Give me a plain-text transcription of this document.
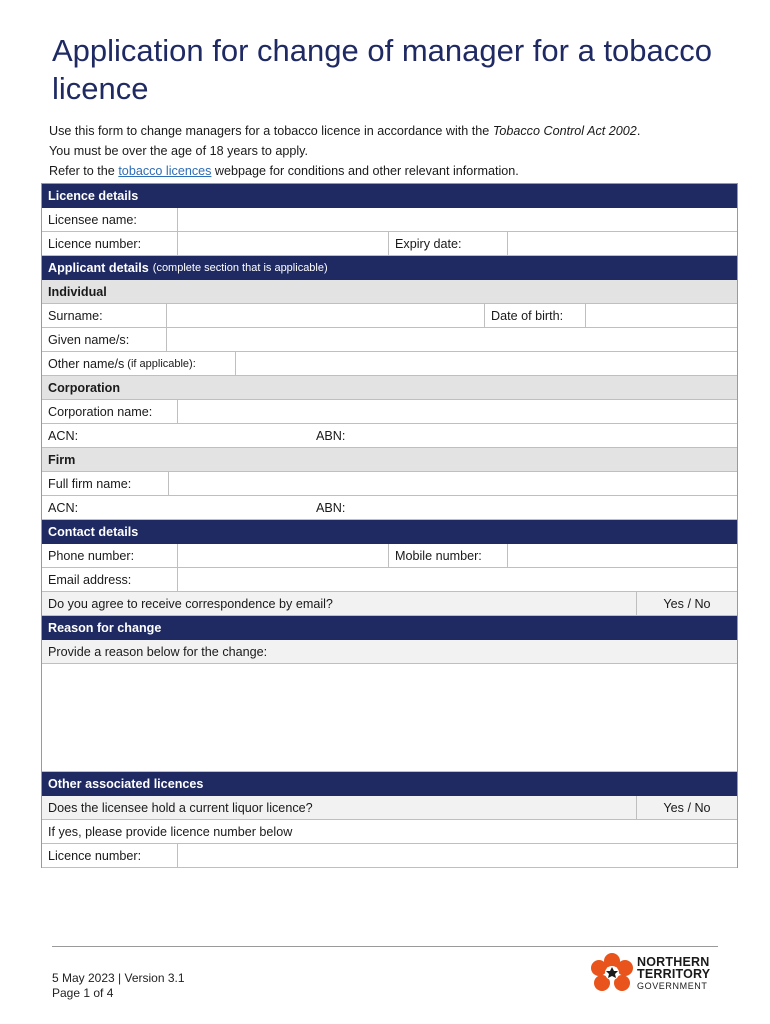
Application for change of manager for a tobacco licence

Use this form to change managers for a tobacco licence in accordance with the Tobacco Control Act 2002.

You must be over the age of 18 years to apply.

Refer to the tobacco licences webpage for conditions and other relevant information.

Licence details
Licensee name:
Licence number:	Expiry date:
Applicant details (complete section that is applicable)
Individual
Surname:	Date of birth:
Given name/s:
Other name/s (if applicable):
Corporation
Corporation name:
ACN:	ABN:
Firm
Full firm name:
ACN:	ABN:
Contact details
Phone number:	Mobile number:
Email address:
Do you agree to receive correspondence by email?	Yes / No
Reason for change
Provide a reason below for the change:
Other associated licences
Does the licensee hold a current liquor licence?	Yes / No
If yes, please provide licence number below
Licence number:
5 May 2023 | Version 3.1
Page 1 of 4
NORTHERN
TERRITORY
GOVERNMENT
